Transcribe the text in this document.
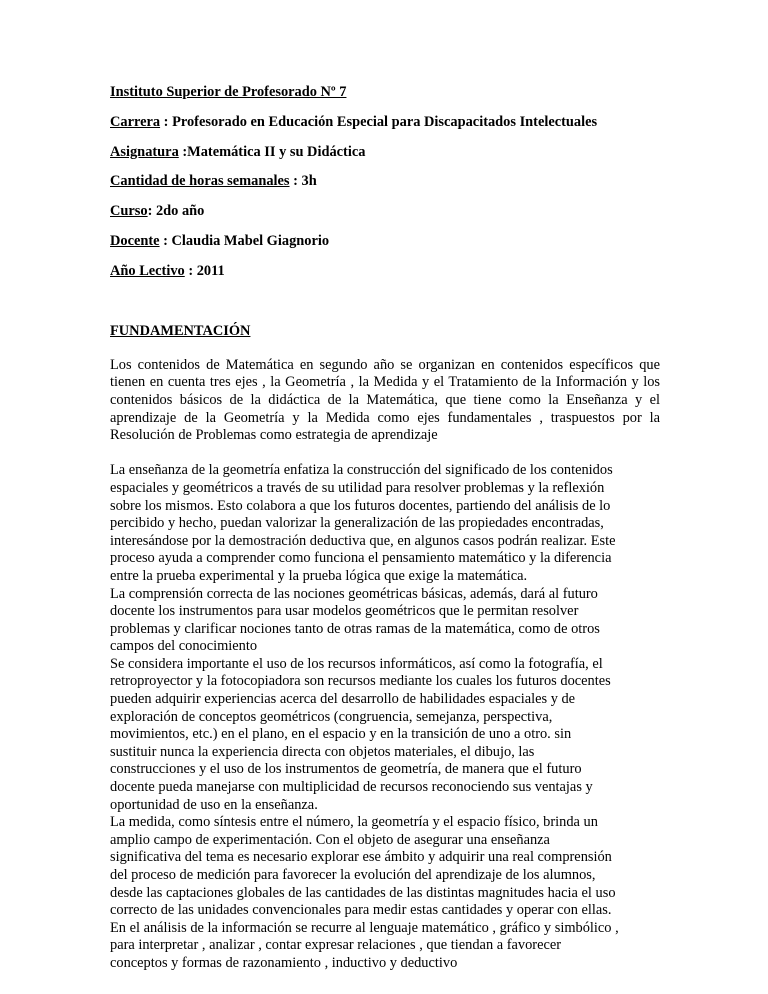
Instituto Superior de Profesorado Nº 7
Carrera : Profesorado en Educación Especial para Discapacitados Intelectuales
Asignatura :Matemática II y su Didáctica
Cantidad de horas semanales : 3h
Curso: 2do año
Docente : Claudia Mabel Giagnorio
Año Lectivo : 2011
FUNDAMENTACIÓN

Los contenidos de Matemática en segundo año se organizan en contenidos específicos que tienen en cuenta tres ejes , la Geometría , la Medida y el Tratamiento de la Información y los contenidos básicos de la didáctica de la Matemática, que tiene como la Enseñanza y el aprendizaje de la Geometría y la Medida como ejes fundamentales , traspuestos por la Resolución de Problemas como estrategia de aprendizaje

La enseñanza de la geometría enfatiza la construcción del significado de los contenidos
espaciales y geométricos a través de su utilidad para resolver problemas y la reflexión
sobre los mismos. Esto colabora a que los futuros docentes, partiendo del análisis de lo
percibido y hecho, puedan valorizar la generalización de las propiedades encontradas,
interesándose por la demostración deductiva que, en algunos casos podrán realizar. Este
proceso ayuda a comprender como funciona el pensamiento matemático y la diferencia
entre la prueba experimental y la prueba lógica que exige la matemática.
La comprensión correcta de las nociones geométricas básicas, además, dará al futuro
docente los instrumentos para usar modelos geométricos que le permitan resolver
problemas y clarificar nociones tanto de otras ramas de la matemática, como de otros
campos del conocimiento
Se considera importante el uso de los recursos informáticos, así como la fotografía, el
retroproyector y la fotocopiadora son recursos mediante los cuales los futuros docentes
pueden adquirir experiencias acerca del desarrollo de habilidades espaciales y de
exploración de conceptos geométricos (congruencia, semejanza, perspectiva,
movimientos, etc.) en el plano, en el espacio y en la transición de uno a otro. sin
sustituir nunca la experiencia directa con objetos materiales, el dibujo, las
construcciones y el uso de los instrumentos de geometría, de manera que el futuro
docente pueda manejarse con multiplicidad de recursos reconociendo sus ventajas y
oportunidad de uso en la enseñanza.
La medida, como síntesis entre el número, la geometría y el espacio físico, brinda un
amplio campo de experimentación. Con el objeto de asegurar una enseñanza
significativa del tema es necesario explorar ese ámbito y adquirir una real comprensión
del proceso de medición para favorecer la evolución del aprendizaje de los alumnos,
desde las captaciones globales de las cantidades de las distintas magnitudes hacia el uso
correcto de las unidades convencionales para medir estas cantidades y operar con ellas.
En el análisis de la información se recurre al lenguaje matemático , gráfico y simbólico ,
para interpretar , analizar , contar expresar relaciones , que tiendan a favorecer
conceptos y formas de razonamiento , inductivo y deductivo
